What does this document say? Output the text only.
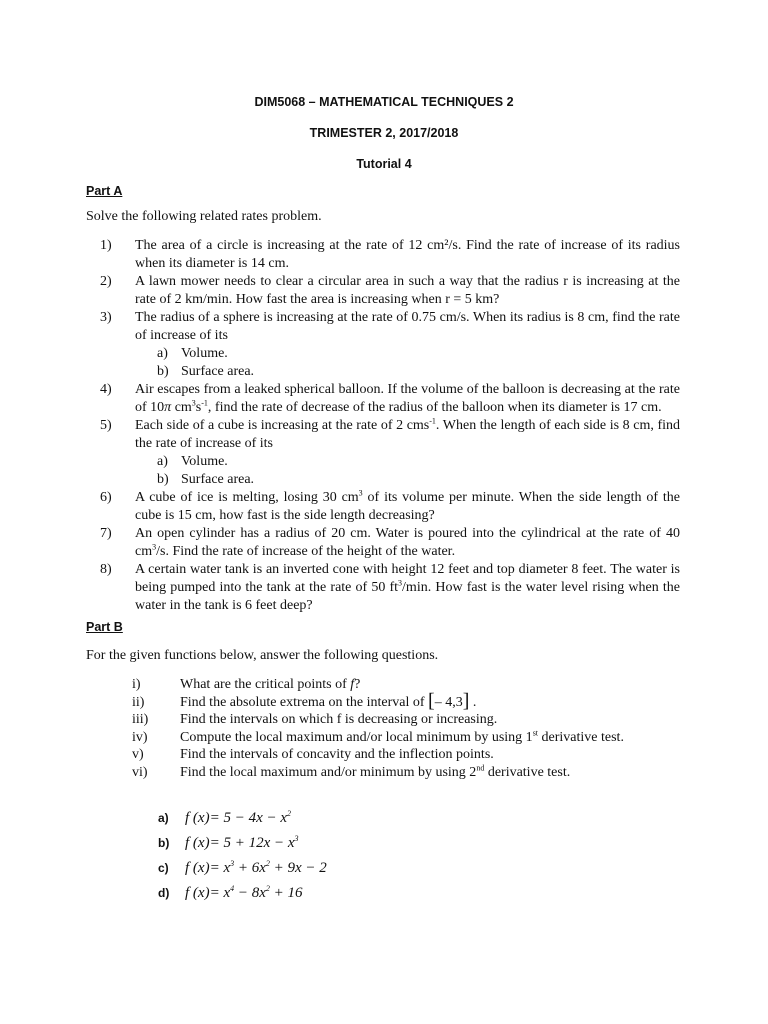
DIM5068 – MATHEMATICAL TECHNIQUES 2
TRIMESTER 2, 2017/2018
Tutorial 4
Part A
Solve the following related rates problem.
1)	The area of a circle is increasing at the rate of 12 cm²/s. Find the rate of increase of its radius when its diameter is 14 cm.
2)	A lawn mower needs to clear a circular area in such a way that the radius r is increasing at the rate of 2 km/min. How fast the area is increasing when r = 5 km?
3)	The radius of a sphere is increasing at the rate of 0.75 cm/s. When its radius is 8 cm, find the rate of increase of its
a) Volume.
b) Surface area.
4)	Air escapes from a leaked spherical balloon. If the volume of the balloon is decreasing at the rate of 10π $cm^3s^{-1}$, find the rate of decrease of the radius of the balloon when its diameter is 17 cm.
5)	Each side of a cube is increasing at the rate of 2 cms$^{-1}$. When the length of each side is 8 cm, find the rate of increase of its
a) Volume.
b) Surface area.
6)	A cube of ice is melting, losing 30 $cm^3$ of its volume per minute. When the side length of the cube is 15 cm, how fast is the side length decreasing?
7)	An open cylinder has a radius of 20 cm. Water is poured into the cylindrical at the rate of 40 $cm^3/s$. Find the rate of increase of the height of the water.
8)	A certain water tank is an inverted cone with height 12 feet and top diameter 8 feet. The water is being pumped into the tank at the rate of 50 $ft^3/\min$. How fast is the water level rising when the water in the tank is 6 feet deep?
Part B
For the given functions below, answer the following questions.
i)	What are the critical points of f?
ii)	Find the absolute extrema on the interval of [– 4,3] .
iii)	Find the intervals on which f is decreasing or increasing.
iv)	Compute the local maximum and/or local minimum by using 1st derivative test.
v)	Find the intervals of concavity and the inflection points.
vi)	Find the local maximum and/or minimum by using 2nd derivative test.
a)	f $(x) = 5 - 4x - x^2$
b)	f $(x) = 5 + 12x - x^3$
c)	f $(x) = x^3 + 6x^2 + 9x - 2$
d)	f $(x) = x^4 - 8x^2 + 16$
